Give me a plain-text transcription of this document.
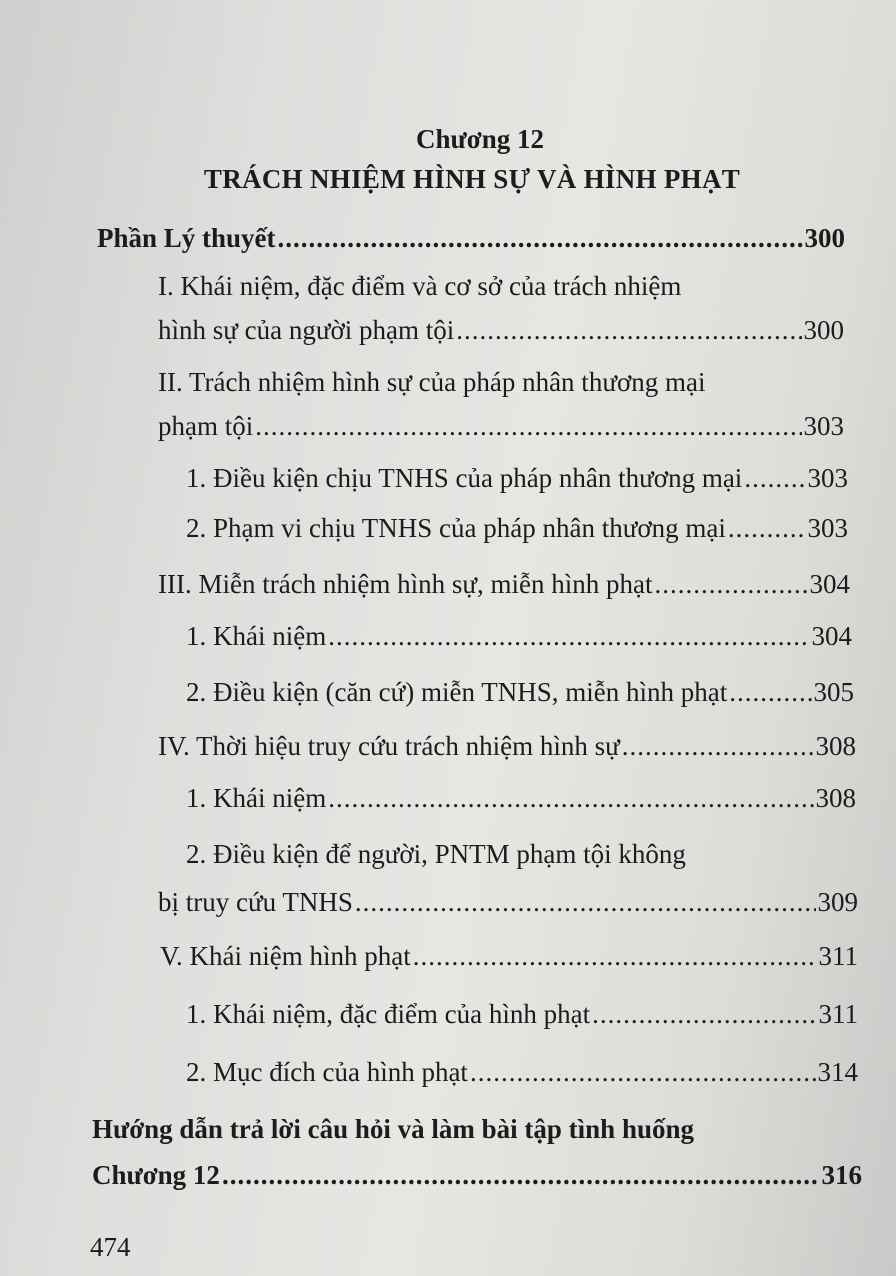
Chương 12
TRÁCH NHIỆM HÌNH SỰ VÀ HÌNH PHẠT
Phần Lý thuyết .....	300
I. Khái niệm, đặc điểm và cơ sở của trách nhiệm
hình sự của người phạm tội .....	300
II. Trách nhiệm hình sự của pháp nhân thương mại
phạm tội .....	303
1. Điều kiện chịu TNHS của pháp nhân thương mại ..... 303
2. Phạm vi chịu TNHS của pháp nhân thương mại .....	303
III. Miễn trách nhiệm hình sự, miễn hình phạt .....	304
1. Khái niệm .....	304
2. Điều kiện (căn cứ) miễn TNHS, miễn hình phạt .....	305
IV. Thời hiệu truy cứu trách nhiệm hình sự .....	308
1. Khái niệm .....	308
2. Điều kiện để người, PNTM phạm tội không
bị truy cứu TNHS .....	309
V. Khái niệm hình phạt .....	311
1. Khái niệm, đặc điểm của hình phạt .....	311
2. Mục đích của hình phạt .....	314
Hướng dẫn trả lời câu hỏi và làm bài tập tình huống
Chương 12 .....	316

474
